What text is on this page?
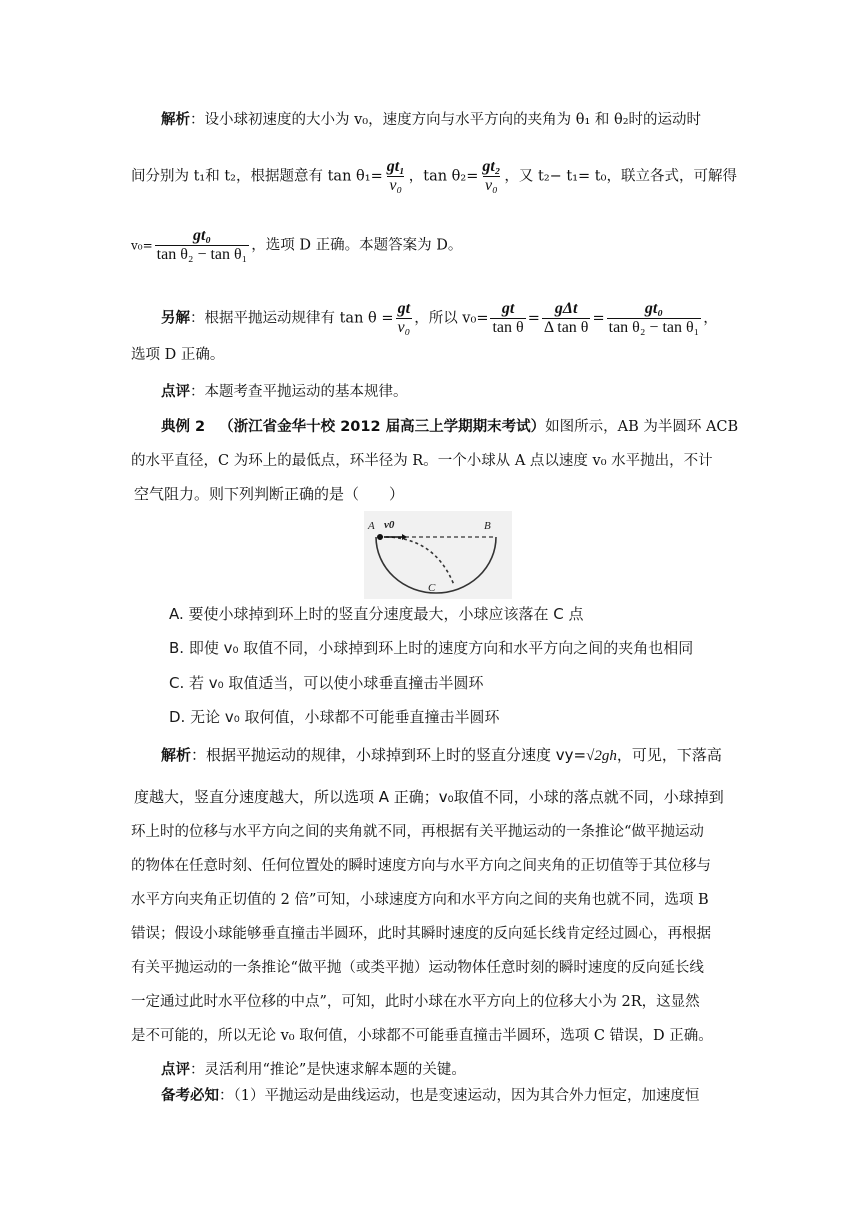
解析：设小球初速度的大小为 v₀，速度方向与水平方向的夹角为 θ₁ 和 θ₂时的运动时
间分别为 t₁和 t₂，根据题意有 $\tan \theta_1= \frac{\text{gt₁}}{\text{v₀}}$ ，$\tan \theta_2= \frac{\text{gt₂}}{\text{v₀}}$ ，又 t₂− t₁= t₀，联立各式，可解得
$v_0= \frac{\text{gt₀}}{\text{tan θ₂ − tan θ₁}}$ ，选项 D 正确。本题答案为 D。
另解：根据平抛运动规律有 $\tan \theta = \frac{gt}{\text{v₀}}$ ，所以 $v_0= \frac{gt}{\text{tan θ}} = \frac{\text{gΔt}}{\text{Δ tan θ}} = \frac{\text{gt₀}}{\text{tan θ₂ − tan θ₁}}$ ，
选项 D 正确。
点评：本题考查平抛运动的基本规律。
典例 2 （浙江省金华十校 2012 届高三上学期期末考试）如图所示，AB 为半圆环 ACB
的水平直径，C 为环上的最低点，环半径为 R。一个小球从 A 点以速度 v₀ 水平抛出，不计
空气阻力。则下列判断正确的是（　　）
A v0	B
C
A. 要使小球掉到环上时的竖直分速度最大，小球应该落在 C 点
B. 即使 v₀ 取值不同，小球掉到环上时的速度方向和水平方向之间的夹角也相同
C. 若 v₀ 取值适当，可以使小球垂直撞击半圆环
D. 无论 v₀ 取何值，小球都不可能垂直撞击半圆环
解析：根据平抛运动的规律，小球掉到环上时的竖直分速度 vy=√2gh，可见，下落高
度越大，竖直分速度越大，所以选项 A 正确；v₀取值不同，小球的落点就不同，小球掉到
环上时的位移与水平方向之间的夹角就不同，再根据有关平抛运动的一条推论“做平抛运动
的物体在任意时刻、任何位置处的瞬时速度方向与水平方向之间夹角的正切值等于其位移与
水平方向夹角正切值的 2 倍”可知，小球速度方向和水平方向之间的夹角也就不同，选项 B
错误；假设小球能够垂直撞击半圆环，此时其瞬时速度的反向延长线肯定经过圆心，再根据
有关平抛运动的一条推论“做平抛（或类平抛）运动物体任意时刻的瞬时速度的反向延长线
一定通过此时水平位移的中点”，可知，此时小球在水平方向上的位移大小为 2R，这显然
是不可能的，所以无论 v₀ 取何值，小球都不可能垂直撞击半圆环，选项 C 错误，D 正确。
点评：灵活利用“推论”是快速求解本题的关键。
备考必知：（1）平抛运动是曲线运动，也是变速运动，因为其合外力恒定，加速度恒
